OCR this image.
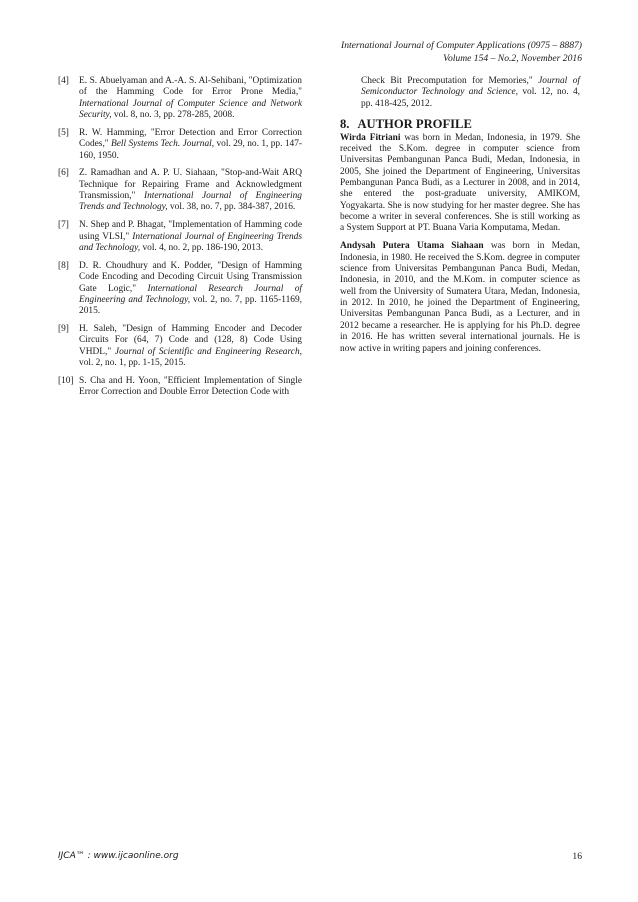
International Journal of Computer Applications (0975 – 8887)
Volume 154 – No.2, November 2016
[4]	E. S. Abuelyaman and A.-A. S. Al-Sehibani, "Optimization of the Hamming Code for Error Prone Media," International Journal of Computer Science and Network Security, vol. 8, no. 3, pp. 278-285, 2008.
[5]	R. W. Hamming, "Error Detection and Error Correction Codes," Bell Systems Tech. Journal, vol. 29, no. 1, pp. 147-160, 1950.
[6]	Z. Ramadhan and A. P. U. Siahaan, "Stop-and-Wait ARQ Technique for Repairing Frame and Acknowledgment Transmission," International Journal of Engineering Trends and Technology, vol. 38, no. 7, pp. 384-387, 2016.
[7]	N. Shep and P. Bhagat, "Implementation of Hamming code using VLSI," International Journal of Engineering Trends and Technology, vol. 4, no. 2, pp. 186-190, 2013.
[8]	D. R. Choudhury and K. Podder, "Design of Hamming Code Encoding and Decoding Circuit Using Transmission Gate Logic," International Research Journal of Engineering and Technology, vol. 2, no. 7, pp. 1165-1169, 2015.
[9]	H. Saleh, "Design of Hamming Encoder and Decoder Circuits For (64, 7) Code and (128, 8) Code Using VHDL," Journal of Scientific and Engineering Research, vol. 2, no. 1, pp. 1-15, 2015.
[10] S. Cha and H. Yoon, "Efficient Implementation of Single Error Correction and Double Error Detection Code with
Check Bit Precomputation for Memories," Journal of Semiconductor Technology and Science, vol. 12, no. 4, pp. 418-425, 2012.
8. AUTHOR PROFILE

Wirda Fitriani was born in Medan, Indonesia, in 1979. She received the S.Kom. degree in computer science from Universitas Pembangunan Panca Budi, Medan, Indonesia, in 2005, She joined the Department of Engineering, Universitas Pembangunan Panca Budi, as a Lecturer in 2008, and in 2014, she entered the post-graduate university, AMIKOM, Yogyakarta. She is now studying for her master degree. She has become a writer in several conferences. She is still working as a System Support at PT. Buana Varia Komputama, Medan.

Andysah Putera Utama Siahaan was born in Medan, Indonesia, in 1980. He received the S.Kom. degree in computer science from Universitas Pembangunan Panca Budi, Medan, Indonesia, in 2010, and the M.Kom. in computer science as well from the University of Sumatera Utara, Medan, Indonesia, in 2012. In 2010, he joined the Department of Engineering, Universitas Pembangunan Panca Budi, as a Lecturer, and in 2012 became a researcher. He is applying for his Ph.D. degree in 2016. He has written several international journals. He is now active in writing papers and joining conferences.

IJCA™ : www.ijcaonline.org	16
